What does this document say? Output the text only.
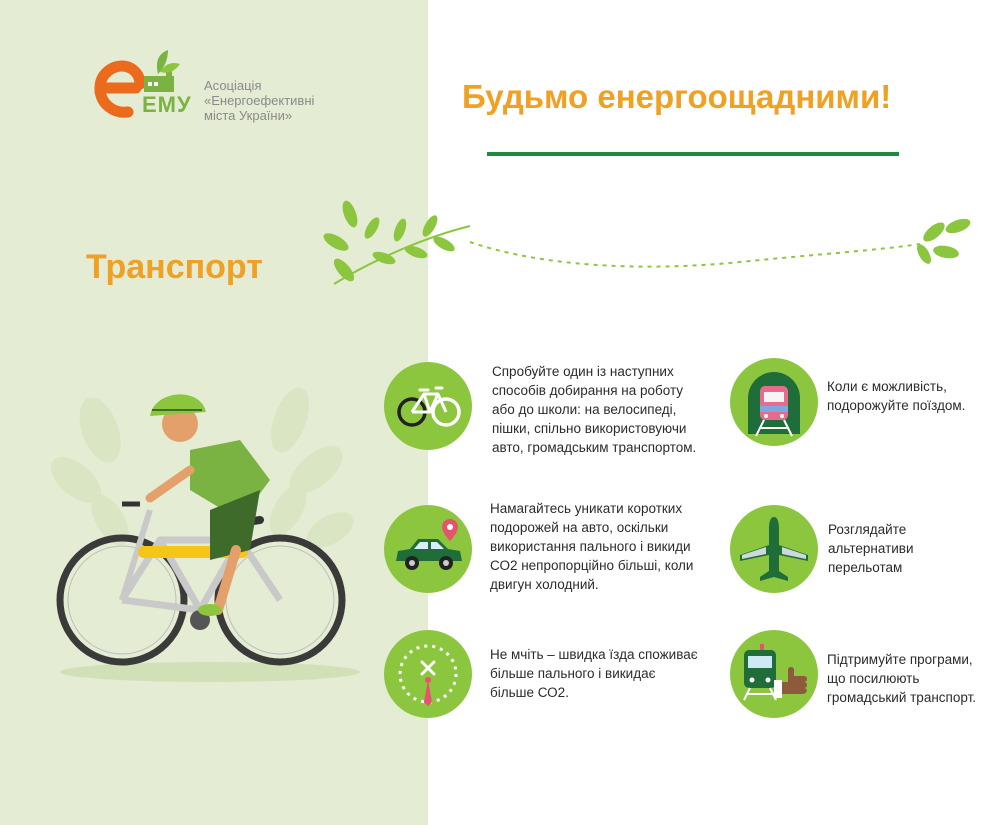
ЕМУ
Асоціація
«Енергоефективні
міста України»
Будьмо енергоощадними!
Транспорт
Спробуйте один із наступних
способів добирання на роботу
або до школи: на велосипеді,
пішки, спільно використовуючи
авто, громадським транспортом.
Коли є можливість,
подорожуйте поїздом.
Намагайтесь уникати коротких
подорожей на авто, оскільки
використання пального і викиди
СО2 непропорційно більші, коли
двигун холодний.
Розглядайте
альтернативи
перельотам
Не мчіть – швидка їзда споживає
більше пального і викидає
більше СО2.
Підтримуйте програми,
що посилюють
громадський транспорт.
